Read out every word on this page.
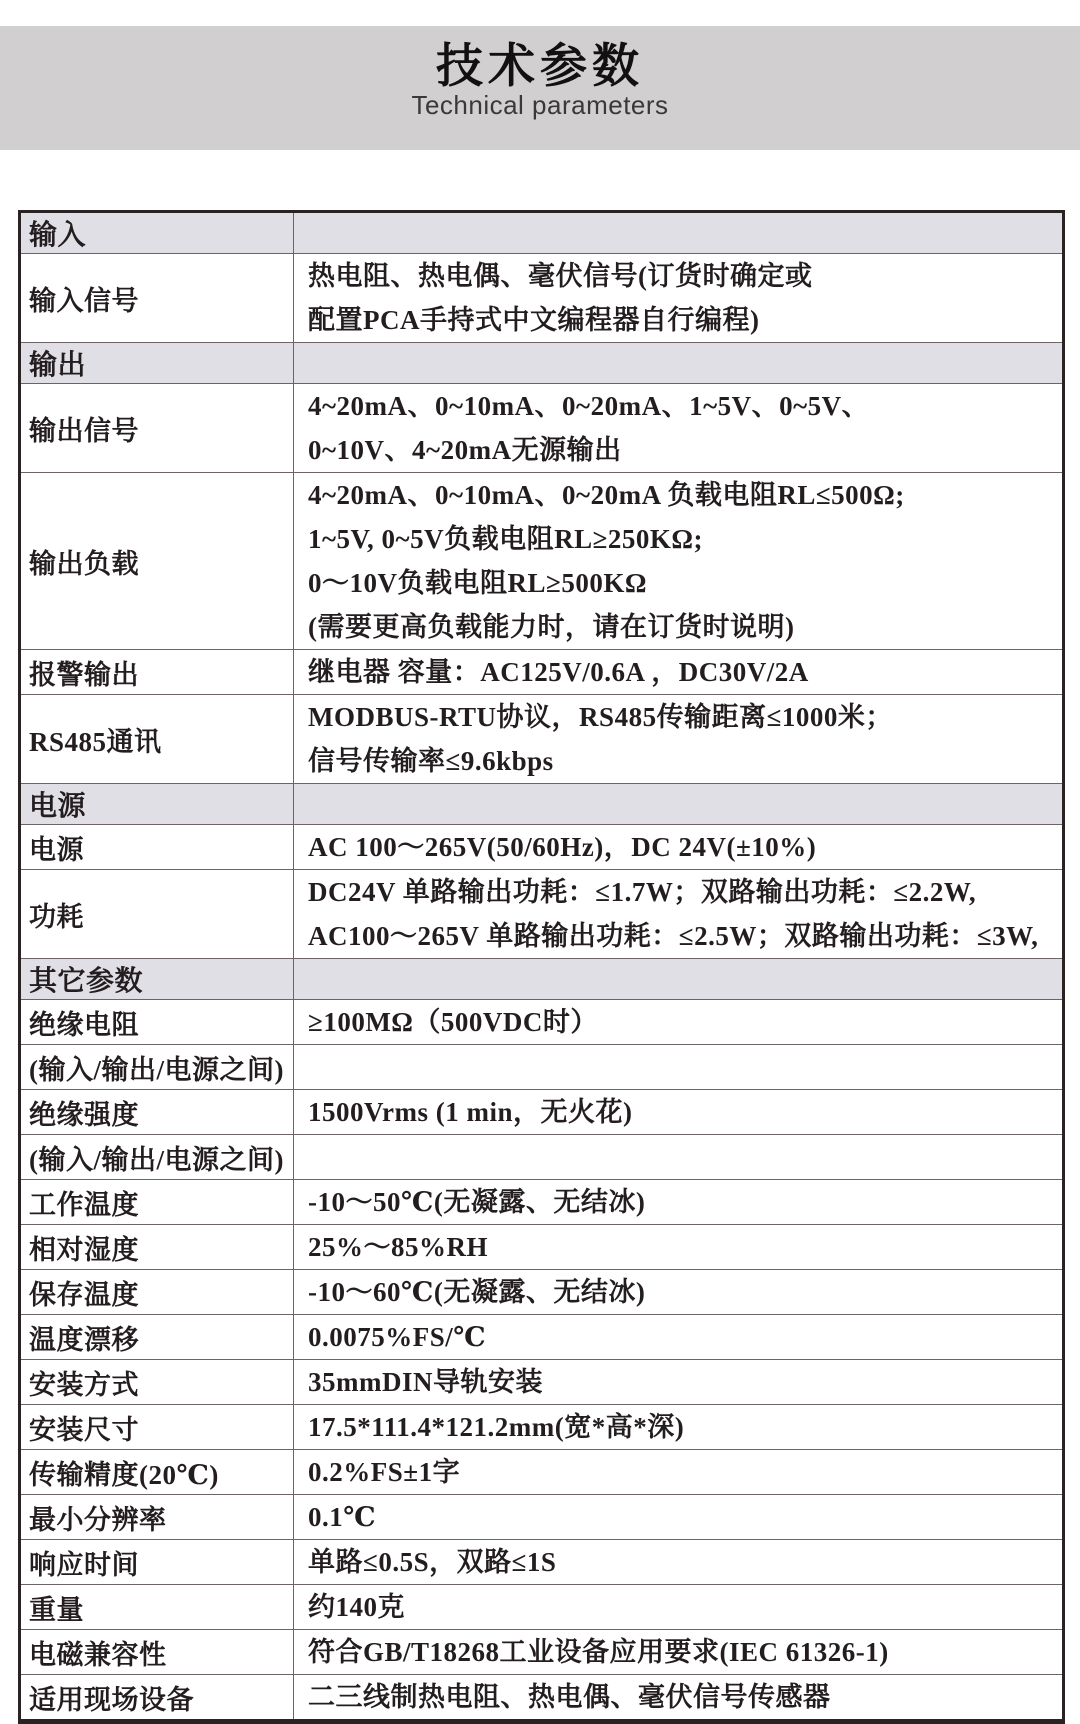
技术参数
Technical parameters
输入	
输入信号	热电阻、热电偶、毫伏信号(订货时确定或
配置PCA手持式中文编程器自行编程)

输出	
输出信号	4~20mA、0~10mA、0~20mA、1~5V、0~5V、
0~10V、4~20mA无源输出

输出负载	4~20mA、0~10mA、0~20mA 负载电阻RL≤500Ω;
1~5V, 0~5V负载电阻RL≥250KΩ;
0～10V负载电阻RL≥500KΩ
(需要更高负载能力时，请在订货时说明)

报警输出	继电器 容量：AC125V/0.6A ，DC30V/2A

RS485通讯	MODBUS-RTU协议，RS485传输距离≤1000米；
信号传输率≤9.6kbps

电源	
电源	AC 100～265V(50/60Hz)，DC 24V(±10%)

功耗	DC24V 单路输出功耗：≤1.7W；双路输出功耗：≤2.2W,
AC100～265V 单路输出功耗：≤2.5W；双路输出功耗：≤3W,

其它参数	
绝缘电阻	≥100MΩ（500VDC时）

(输入/输出/电源之间)	

绝缘强度	1500Vrms (1 min，无火花)

(输入/输出/电源之间)	

工作温度	-10～50℃(无凝露、无结冰)

相对湿度	25%～85%RH

保存温度	-10～60℃(无凝露、无结冰)

温度漂移	0.0075%FS/℃

安装方式	35mmDIN导轨安装

安装尺寸	17.5*111.4*121.2mm(宽*高*深)

传输精度(20℃)	0.2%FS±1字

最小分辨率	0.1℃

响应时间	单路≤0.5S，双路≤1S

重量	约140克

电磁兼容性	符合GB/T18268工业设备应用要求(IEC 61326-1)

适用现场设备	二三线制热电阻、热电偶、毫伏信号传感器
